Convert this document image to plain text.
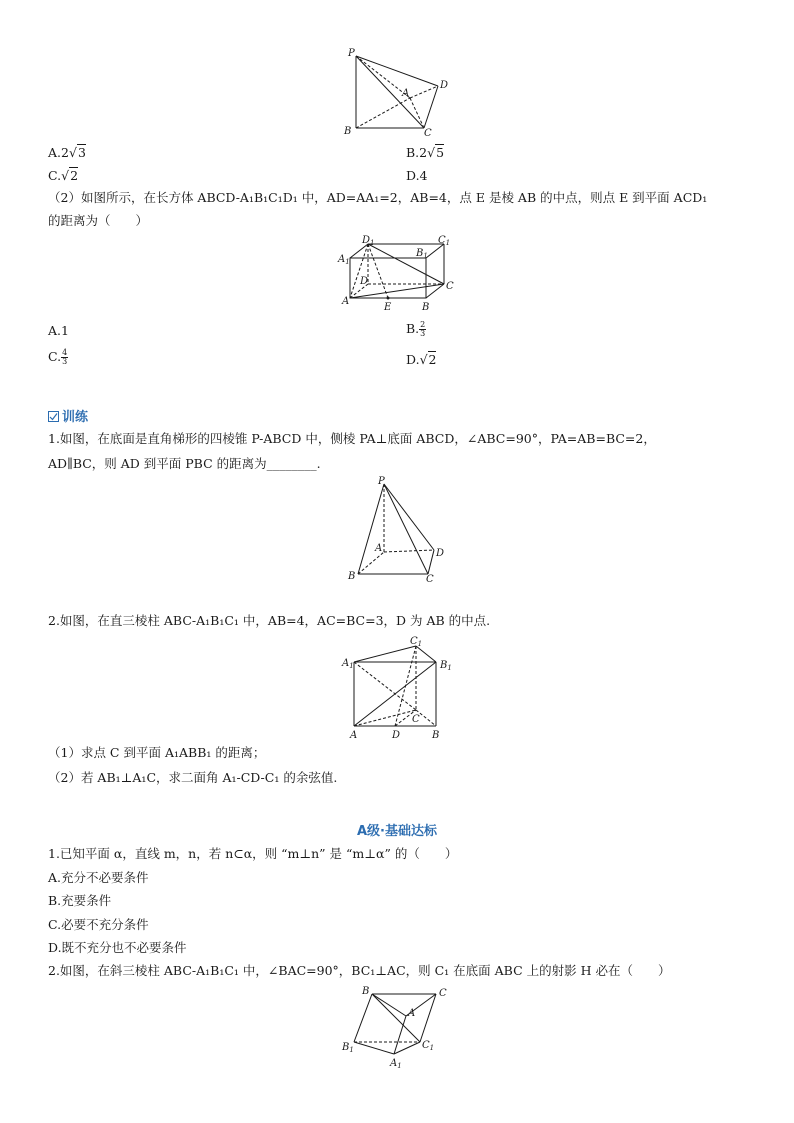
P
A
B	C
D
A.2√3	B.2√5
C.√2	D.4
（2）如图所示，在长方体 ABCD-A₁B₁C₁D₁ 中，AD=AA₁=2，AB=4，点 E 是棱 AB 的中点，则点 E 到平面 ACD₁
的距离为（　　）
$D_1$	$C_1$
$A_1$
$B_1$
D	C
A
E	B
A.1	B. $\frac{2}{3}$
C. $\frac{4}{3}$	D.√2
训练
1.如图，在底面是直角梯形的四棱锥 P-ABCD 中，侧棱 PA⊥底面 ABCD，∠ABC=90°，PA=AB=BC=2，
AD∥BC，则 AD 到平面 PBC 的距离为________.
P
A
B	C
D
2.如图，在直三棱柱 ABC-A₁B₁C₁ 中，AB=4，AC=BC=3，D 为 AB 的中点.
$C_1$
$A_1$	$B_1$
A	D	B
C
（1）求点 C 到平面 A₁ABB₁ 的距离；
（2）若 AB₁⊥A₁C，求二面角 A₁-CD-C₁ 的余弦值.
A级·基础达标
1.已知平面 α，直线 m，n，若 n⊂α，则 “m⊥n” 是 “m⊥α” 的（　　）
A.充分不必要条件
B.充要条件
C.必要不充分条件
D.既不充分也不必要条件
2.如图，在斜三棱柱 ABC-A₁B₁C₁ 中，∠BAC=90°，BC₁⊥AC，则 C₁ 在底面 ABC 上的射影 H 必在（　　）
B	C
A
$B_1$	$C_1$
$A_1$
